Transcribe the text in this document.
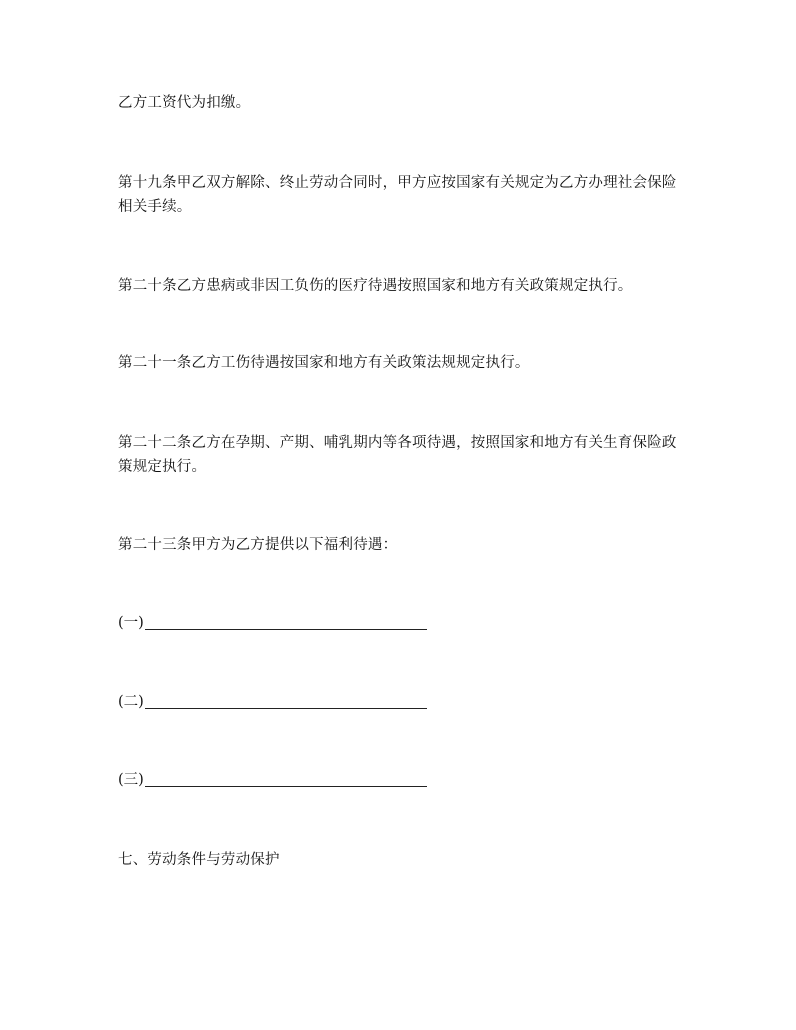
乙方工资代为扣缴。
第十九条甲乙双方解除、终止劳动合同时，甲方应按国家有关规定为乙方办理社会保险相关手续。
第二十条乙方患病或非因工负伤的医疗待遇按照国家和地方有关政策规定执行。
第二十一条乙方工伤待遇按国家和地方有关政策法规规定执行。
第二十二条乙方在孕期、产期、哺乳期内等各项待遇，按照国家和地方有关生育保险政策规定执行。
第二十三条甲方为乙方提供以下福利待遇：
(一)
(二)
(三)
七、劳动条件与劳动保护
